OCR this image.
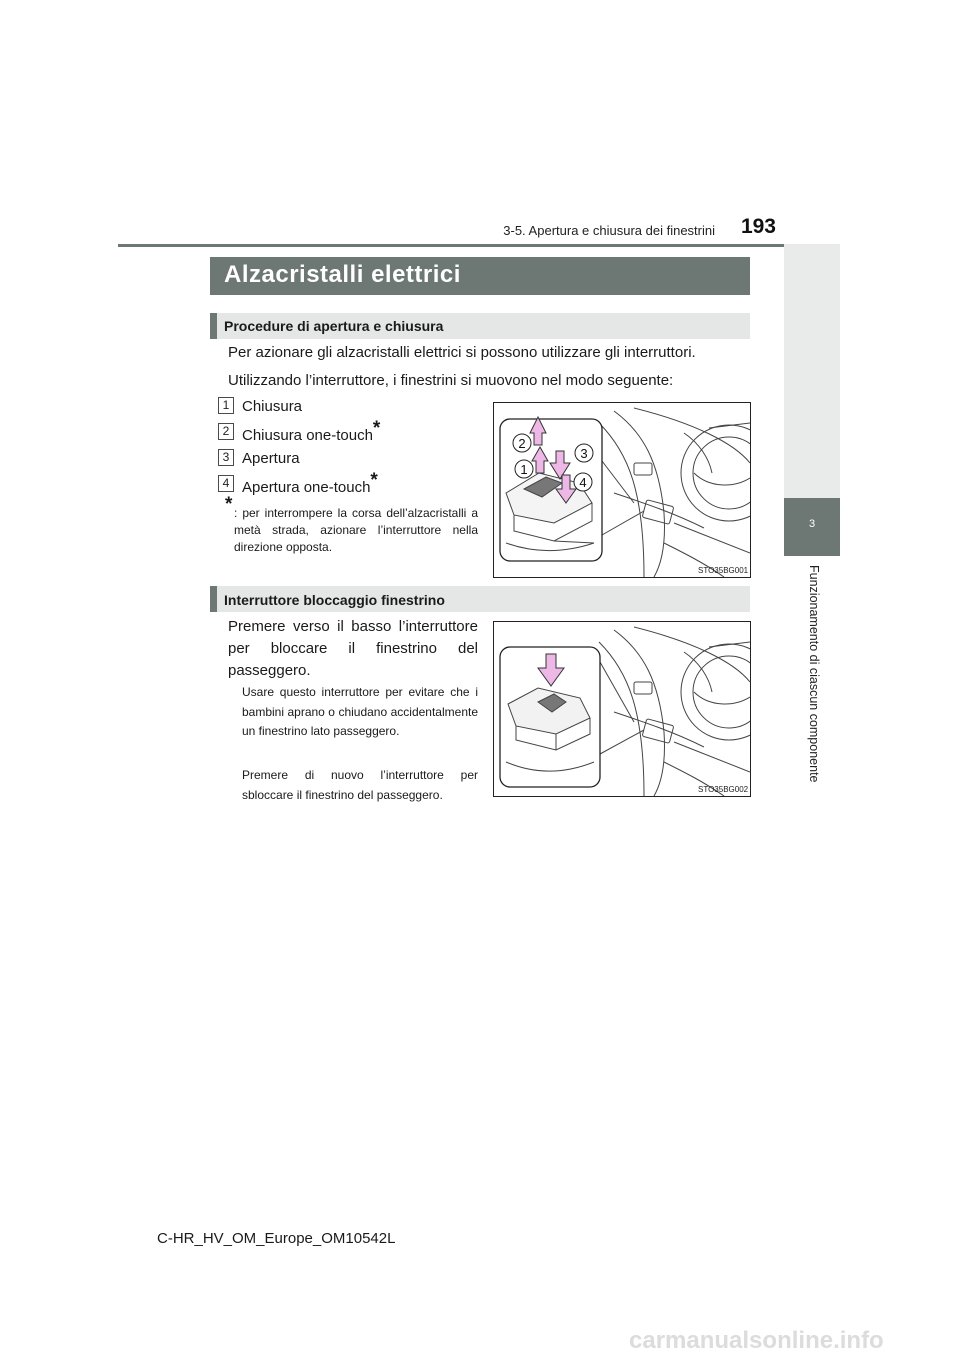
3-5. Apertura e chiusura dei finestrini	193
3
Funzionamento di ciascun componente
Alzacristalli elettrici
Procedure di apertura e chiusura
Per azionare gli alzacristalli elettrici si possono utilizzare gli interruttori.
Utilizzando l’interruttore, i finestrini si muovono nel modo seguente:
1 Chiusura
2 Chiusura one-touch*
3 Apertura
4 Apertura one-touch*
* : per interrompere la corsa dell’alzacristalli a metà strada, azionare l’interruttore nella direzione opposta.
2
3
1
4
STO35BG001
Interruttore bloccaggio finestrino
Premere verso il basso l’interruttore per bloccare il finestrino del passeggero.
Usare questo interruttore per evitare che i bambini aprano o chiudano accidentalmente un finestrino lato passeggero.
Premere di nuovo l’interruttore per sbloccare il finestrino del passeggero.	STO35BG002
C-HR_HV_OM_Europe_OM10542L
carmanualsonline.info
